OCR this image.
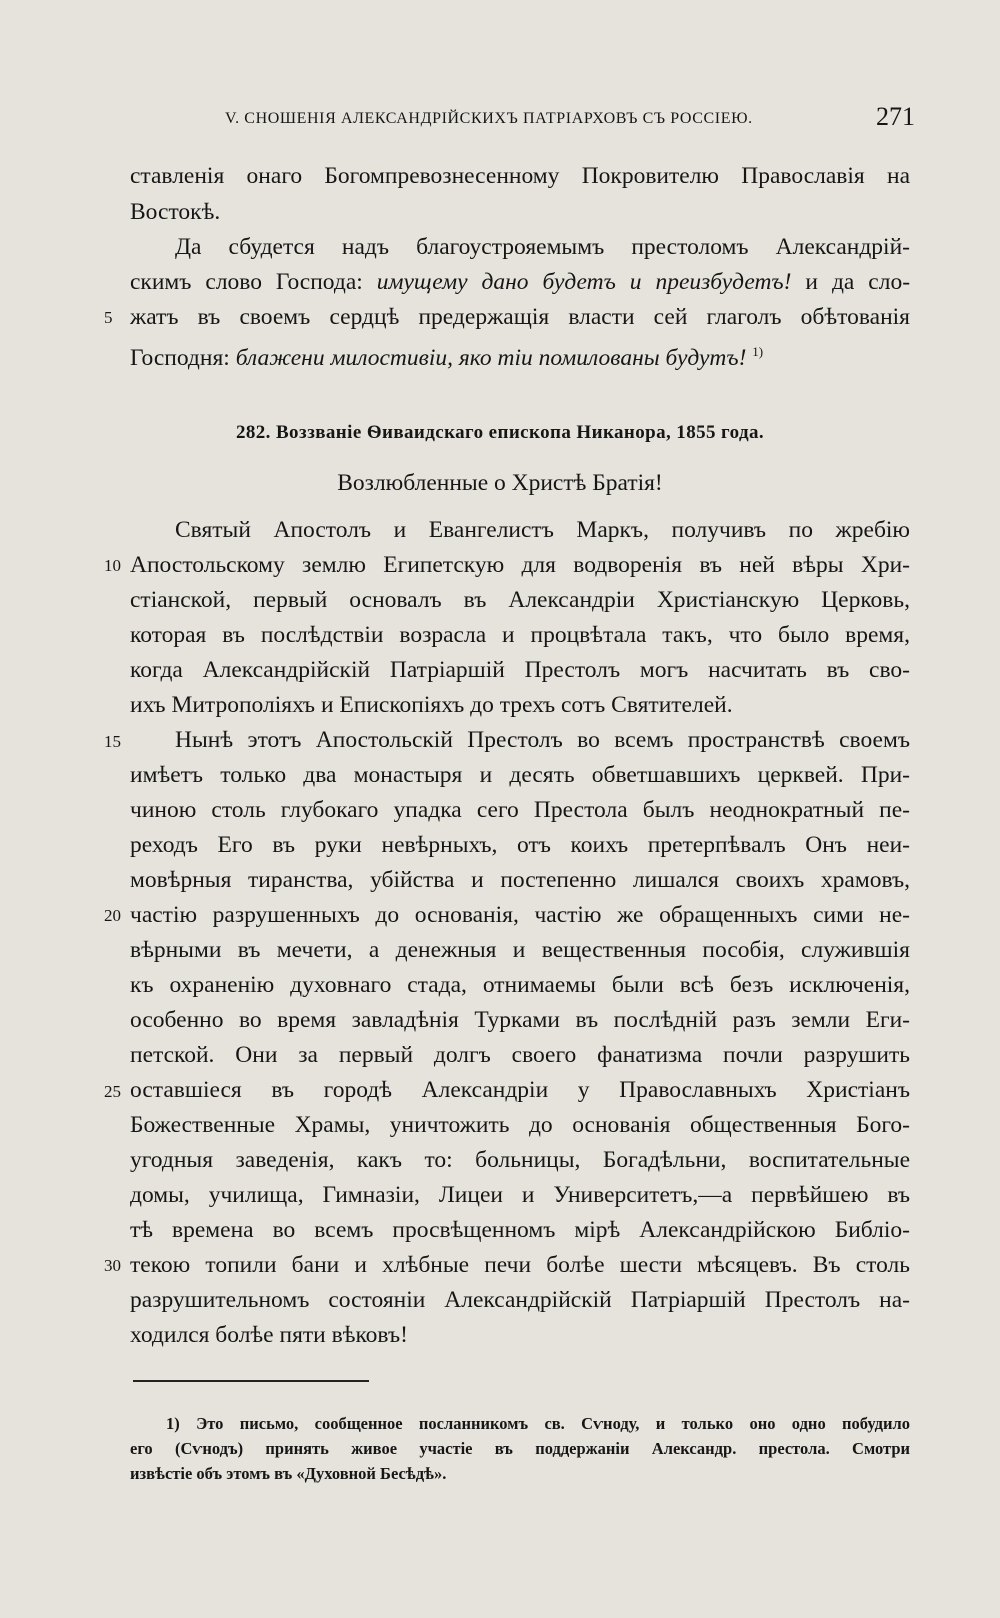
V. СНОШЕНІЯ АЛЕКСАНДРІЙСКИХЪ ПАТРІАРХОВЪ СЪ РОССІЕЮ.	271
ставленія онаго Богомпревознесенному Покровителю Православія на
Востокѣ.
Да сбудется надъ благоустрояемымъ престоломъ Александрій-
скимъ слово Господа: имущему дано будетъ и преизбудетъ! и да сло-
5 жатъ въ своемъ сердцѣ предержащія власти сей глаголъ обѣтованія
Господня: блажени милостивіи, яко тіи помилованы будутъ! $^{1)}$
282. Воззваніе Ѳиваидскаго епископа Никанора, 1855 года.
Возлюбленные о Христѣ Братія!
Святый Апостолъ и Евангелистъ Маркъ, получивъ по жребію
10 Апостольскому землю Египетскую для водворенія въ ней вѣры Хри-
стіанской, первый основалъ въ Александріи Христіанскую Церковь,
которая въ послѣдствіи возрасла и процвѣтала такъ, что было время,
когда Александрійскій Патріаршій Престолъ могъ насчитать въ сво-
ихъ Митрополіяхъ и Епископіяхъ до трехъ сотъ Святителей.
15 Нынѣ этотъ Апостольскій Престолъ во всемъ пространствѣ своемъ
имѣетъ только два монастыря и десять обветшавшихъ церквей. При-
чиною столь глубокаго упадка сего Престола былъ неоднократный пе-
реходъ Его въ руки невѣрныхъ, отъ коихъ претерпѣвалъ Онъ неи-
мовѣрныя тиранства, убійства и постепенно лишался своихъ храмовъ,
20 частію разрушенныхъ до основанія, частію же обращенныхъ сими не-
вѣрными въ мечети, а денежныя и вещественныя пособія, служившія
къ охраненію духовнаго стада, отнимаемы были всѣ безъ исключенія,
особенно во время завладѣнія Турками въ послѣдній разъ земли Еги-
петской. Они за первый долгъ своего фанатизма почли разрушить
25 оставшіеся въ городѣ Александріи у Православныхъ Христіанъ
Божественные Храмы, уничтожить до основанія общественныя Бого-
угодныя заведенія, какъ то: больницы, Богадѣльни, воспитательные
домы, училища, Гимназіи, Лицеи и Университетъ,—а первѣйшею въ
тѣ времена во всемъ просвѣщенномъ мірѣ Александрійскою Библіо-
30 текою топили бани и хлѣбные печи болѣе шести мѣсяцевъ. Въ столь
разрушительномъ состояніи Александрійскій Патріаршій Престолъ на-
ходился болѣе пяти вѣковъ!
1) Это письмо, сообщенное посланникомъ св. Сѵноду, и только оно одно побудило
его (Сѵнодъ) принять живое участіе въ поддержаніи Александр. престола. Смотри
извѣстіе объ этомъ въ «Духовной Бесѣдѣ».
